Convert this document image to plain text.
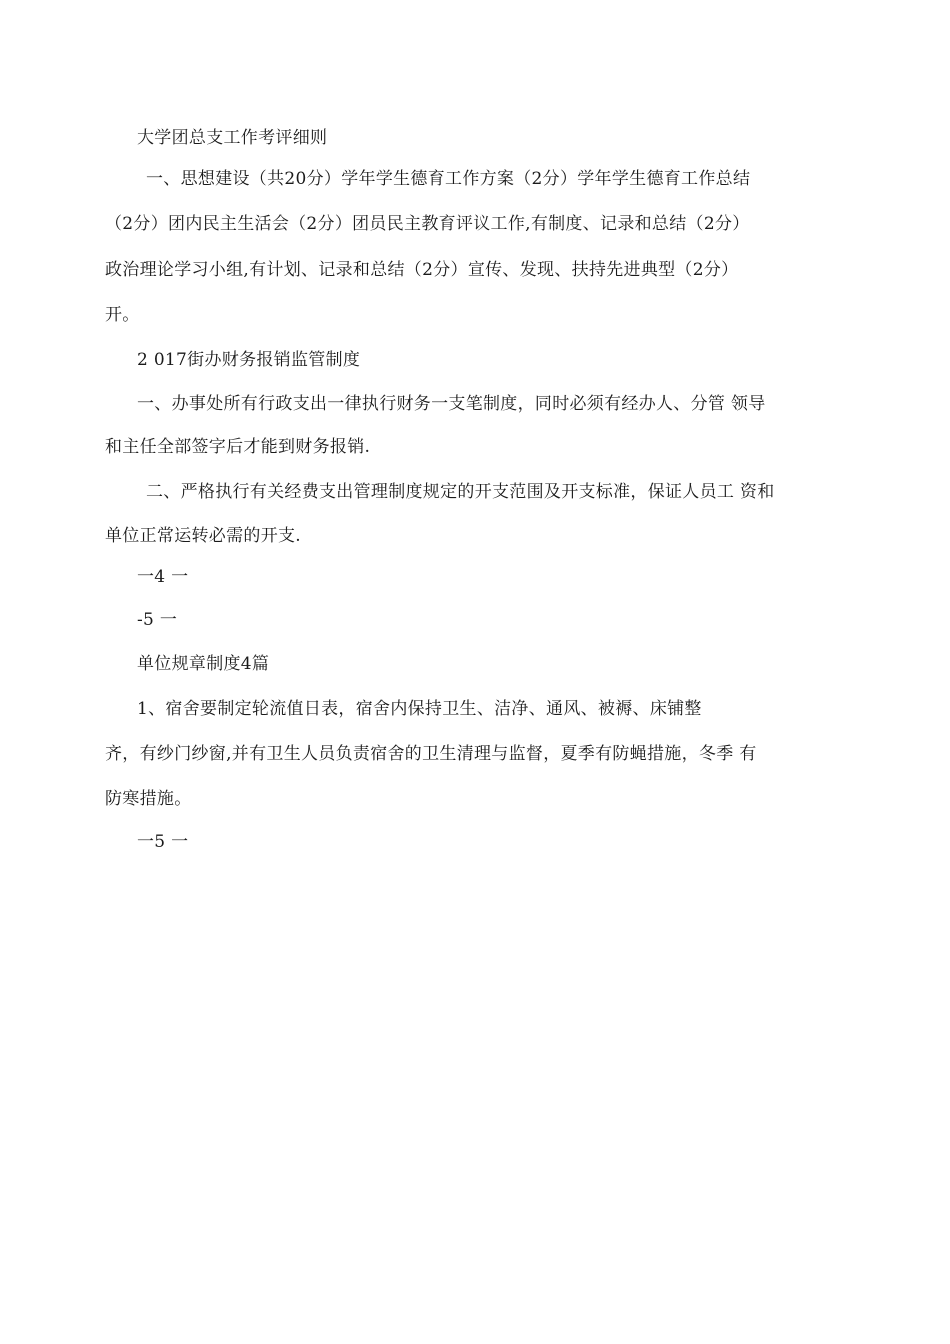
大学团总支工作考评细则
一、思想建设（共20分）学年学生德育工作方案（2分）学年学生德育工作总结
（2分）团内民主生活会（2分）团员民主教育评议工作,有制度、记录和总结（2分）
政治理论学习小组,有计划、记录和总结（2分）宣传、发现、扶持先进典型（2分）
开。
2 017街办财务报销监管制度
一、办事处所有行政支出一律执行财务一支笔制度，同时必须有经办人、分管 领导
和主任全部签字后才能到财务报销.
二、严格执行有关经费支出管理制度规定的开支范围及开支标准，保证人员工 资和
单位正常运转必需的开支.
一4 一
-5 一
单位规章制度4篇
1、宿舍要制定轮流值日表，宿舍内保持卫生、洁净、通风、被褥、床铺整
齐，有纱门纱窗,并有卫生人员负责宿舍的卫生清理与监督，夏季有防蝇措施，冬季 有
防寒措施。
一5 一
